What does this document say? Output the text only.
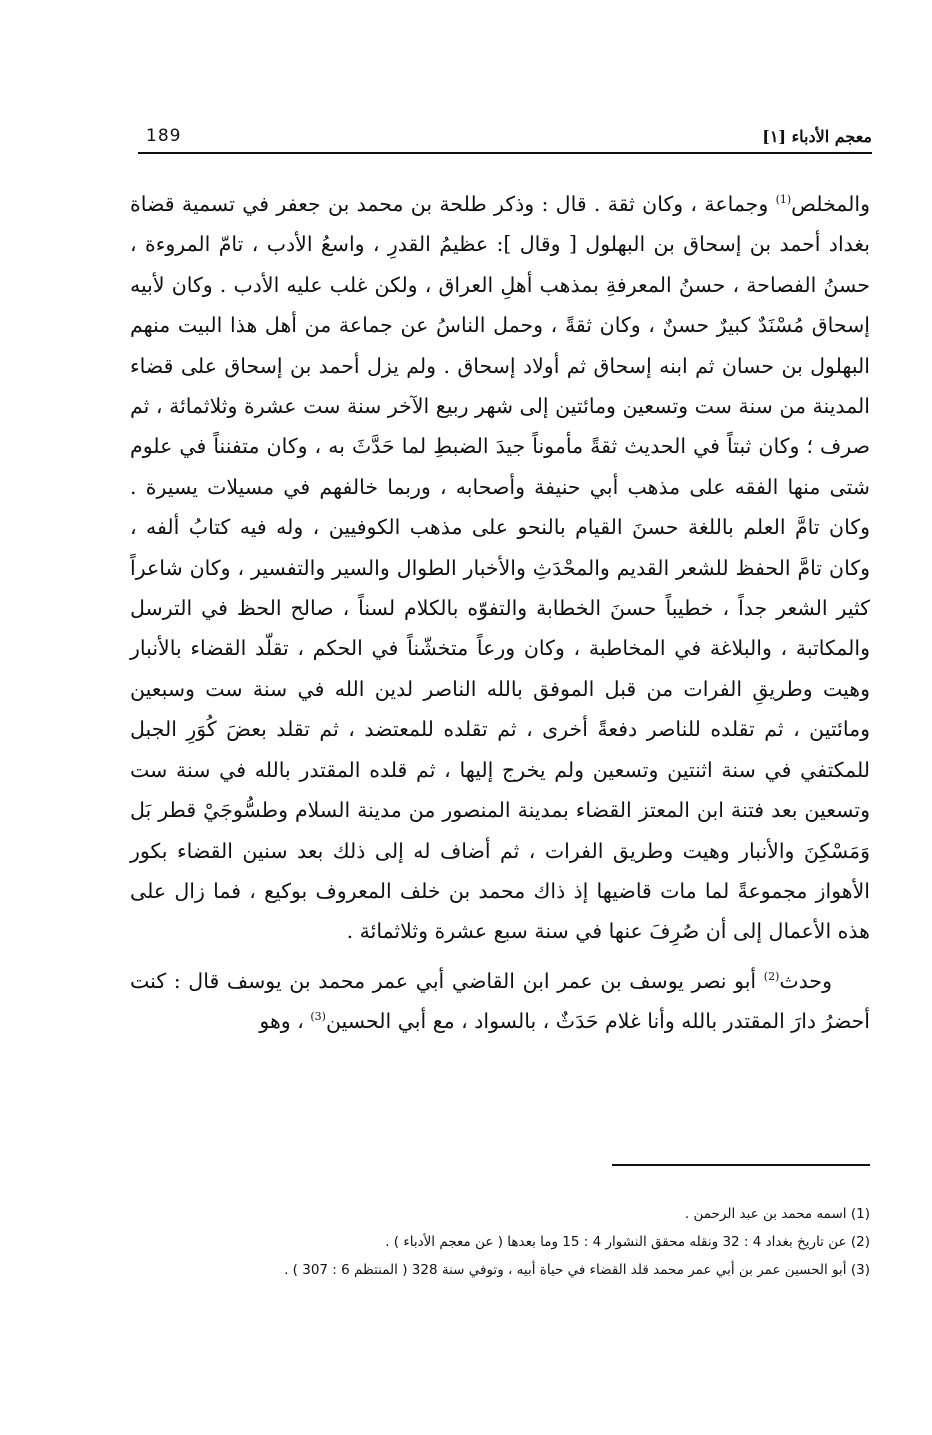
معجم الأدباء [١]
189

والمخلص$^{(1)}$ وجماعة ، وكان ثقة . قال : وذكر طلحة بن محمد بن جعفر في تسمية قضاة بغداد أحمد بن إسحاق بن البهلول [ وقال ]: عظيمُ القدرِ ، واسعُ الأدب ، تامّ المروءة ، حسنُ الفصاحة ، حسنُ المعرفةِ بمذهب أهلِ العراق ، ولكن غلب عليه الأدب . وكان لأبيه إسحاق مُسْنَدٌ كبيرٌ حسنٌ ، وكان ثقةً ، وحمل الناسُ عن جماعة من أهل هذا البيت منهم البهلول بن حسان ثم ابنه إسحاق ثم أولاد إسحاق . ولم يزل أحمد بن إسحاق على قضاء المدينة من سنة ست وتسعين ومائتين إلى شهر ربيع الآخر سنة ست عشرة وثلاثمائة ، ثم صرف ؛ وكان ثبتاً في الحديث ثقةً مأموناً جيدَ الضبطِ لما حَدَّثَ به ، وكان متفنناً في علوم شتى منها الفقه على مذهب أبي حنيفة وأصحابه ، وربما خالفهم في مسيلات يسيرة . وكان تامَّ العلم باللغة حسنَ القيام بالنحو على مذهب الكوفيين ، وله فيه كتابُ ألفه ، وكان تامَّ الحفظ للشعر القديم والمحْدَثِ والأخبار الطوال والسير والتفسير ، وكان شاعراً كثير الشعر جداً ، خطيباً حسنَ الخطابة والتفوّه بالكلام لسناً ، صالح الحظ في الترسل والمكاتبة ، والبلاغة في المخاطبة ، وكان ورعاً متخشّناً في الحكم ، تقلّد القضاء بالأنبار وهيت وطريقِ الفرات من قبل الموفق بالله الناصر لدين الله في سنة ست وسبعين ومائتين ، ثم تقلده للناصر دفعةً أخرى ، ثم تقلده للمعتضد ، ثم تقلد بعضَ كُوَرِ الجبل للمكتفي في سنة اثنتين وتسعين ولم يخرج إليها ، ثم قلده المقتدر بالله في سنة ست وتسعين بعد فتنة ابن المعتز القضاء بمدينة المنصور من مدينة السلام وطسُّوجَيْ قطر بَل وَمَسْكِنَ والأنبار وهيت وطريق الفرات ، ثم أضاف له إلى ذلك بعد سنين القضاء بكور الأهواز مجموعةً لما مات قاضيها إذ ذاك محمد بن خلف المعروف بوكيع ، فما زال على هذه الأعمال إلى أن صُرِفَ عنها في سنة سبع عشرة وثلاثمائة .

وحدث$^{(2)}$ أبو نصر يوسف بن عمر ابن القاضي أبي عمر محمد بن يوسف قال : كنت أحضرُ دارَ المقتدر بالله وأنا غلام حَدَثٌ ، بالسواد ، مع أبي الحسين$^{(3)}$ ، وهو

(1) اسمه محمد بن عبد الرحمن .
(2) عن تاريخ بغداد 4 : 32 ونقله محقق النشوار 4 : 15 وما بعدها ( عن معجم الأدباء ) .
(3) أبو الحسين عمر بن أبي عمر محمد قلد القضاء في حياة أبيه ، وتوفي سنة 328 ( المنتظم 6 : 307 ) .
